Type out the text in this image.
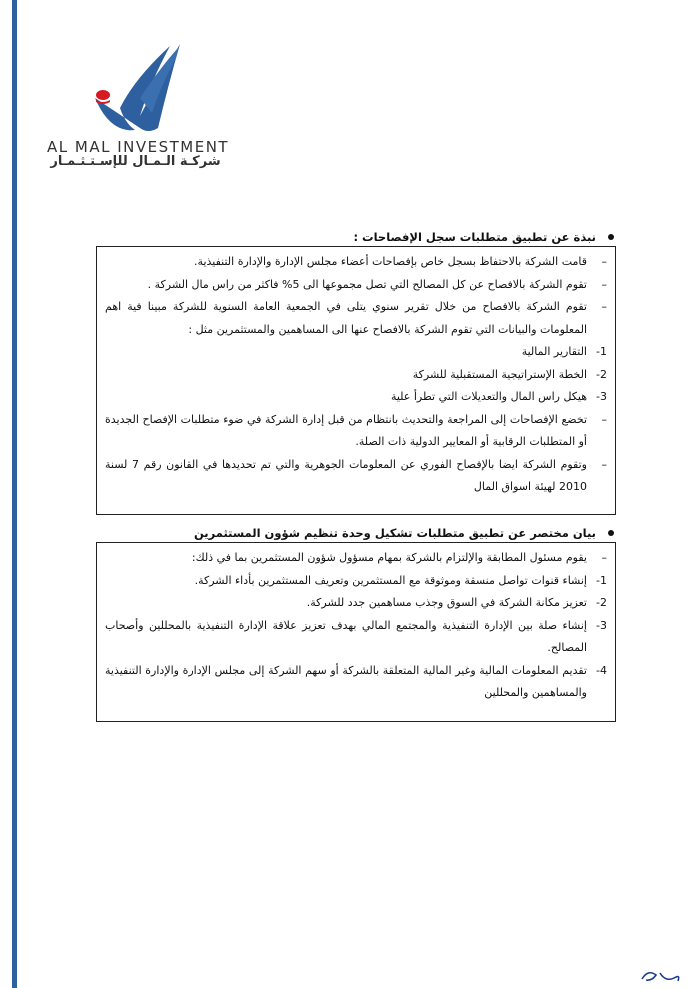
AL MAL INVESTMENT
شركـة الـمـال للإسـتـثـمـار
نبذة عن تطبيق متطلبات سجل الإفصاحات :
–
قامت الشركة بالاحتفاظ بسجل خاص بإفصاحات أعضاء مجلس الإدارة والإدارة التنفيذية.
–
تقوم الشركة بالافصاح عن كل المصالح التي تصل مجموعها الى 5% فاكثر من راس مال الشركة .
–
تقوم الشركة بالافصاح من خلال تقرير سنوي يتلى في الجمعية العامة السنوية للشركة مبينا فية اهم المعلومات والبيانات التي تقوم الشركة بالافصاح عنها الى المساهمين والمستثمرين مثل :
1-
التقارير المالية
2-
الخطة الإستراتيجية المستقبلية للشركة
3-
هيكل راس المال والتعديلات التي تطرأ علية
–
تخضع الإفصاحات إلى المراجعة والتحديث بانتظام من قبل إدارة الشركة في ضوء متطلبات الإفصاح الجديدة أو المتطلبات الرقابية أو المعايير الدولية ذات الصلة.
–
وتقوم الشركة ايضا بالإفصاح الفوري عن المعلومات الجوهرية والتي تم تحديدها في القانون رقم 7 لسنة 2010 لهيئة اسواق المال
بيان مختصر عن تطبيق متطلبات تشكيل وحدة تنظيم شؤون المستثمرين
–
يقوم مسئول المطابقة والإلتزام بالشركة بمهام مسؤول شؤون المستثمرين بما في ذلك:
1-
إنشاء قنوات تواصل منسقة وموثوقة مع المستثمرين وتعريف المستثمرين بأداء الشركة.
2-
تعزيز مكانة الشركة في السوق وجذب مساهمين جدد للشركة.
3-
إنشاء صلة بين الإدارة التنفيذية والمجتمع المالي بهدف تعزيز علاقة الإدارة التنفيذية بالمحللين وأصحاب المصالح.
4-
تقديم المعلومات المالية وغير المالية المتعلقة بالشركة أو سهم الشركة إلى مجلس الإدارة والإدارة التنفيذية والمساهمين والمحللين
